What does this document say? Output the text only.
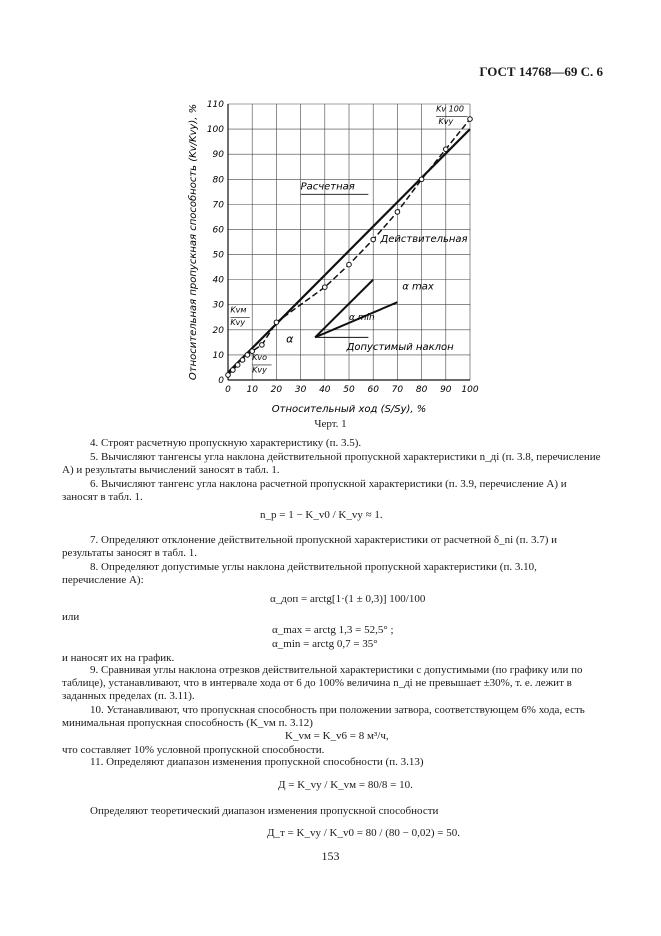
ГОСТ 14768—69 С. 6
0 10 20 30 40 50 60 70 80 90 100
0
10
20
30
40
50
60
70
80
90
100
110
Относительный ход (S/Sy), %
Относительная пропускная способность (Kv/Kvy), %	Расчетная
Действительная
α max
α min
Допустимый наклон
α
Kv 100
Kvy
Kvм
Kvy
Kvo
Kvy
Черт. 1
4. Строят расчетную пропускную характеристику (п. 3.5).
5. Вычисляют тангенсы угла наклона действительной пропускной характеристики n_дi (п. 3.8, перечисление А) и результаты вычислений заносят в табл. 1.
6. Вычисляют тангенс угла наклона расчетной пропускной характеристики (п. 3.9, перечисление А) и заносят в табл. 1.
n_р = 1 − K_v0 / K_vy ≈ 1.
7. Определяют отклонение действительной пропускной характеристики от расчетной δ_ni (п. 3.7) и результаты заносят в табл. 1.
8. Определяют допустимые углы наклона действительной пропускной характеристики (п. 3.10, перечисление А):
α_доп = arctg[1·(1 ± 0,3)] 100/100
или
α_max = arctg 1,3 = 52,5° ;
α_min = arctg 0,7 = 35°
и наносят их на график.
9. Сравнивая углы наклона отрезков действительной характеристики с допустимыми (по графику или по таблице), устанавливают, что в интервале хода от 6 до 100% величина n_дi не превышает ±30%, т. е. лежит в заданных пределах (п. 3.11).
10. Устанавливают, что пропускная способность при положении затвора, соответствующем 6% хода, есть минимальная пропускная способность (K_vм п. 3.12)
K_vм = K_v6 = 8 м³/ч,
что составляет 10% условной пропускной способности.
11. Определяют диапазон изменения пропускной способности (п. 3.13)
Д = K_vy / K_vм = 80/8 = 10.
Определяют теоретический диапазон изменения пропускной способности
Д_т = K_vy / K_v0 = 80 / (80 − 0,02) = 50.
153
